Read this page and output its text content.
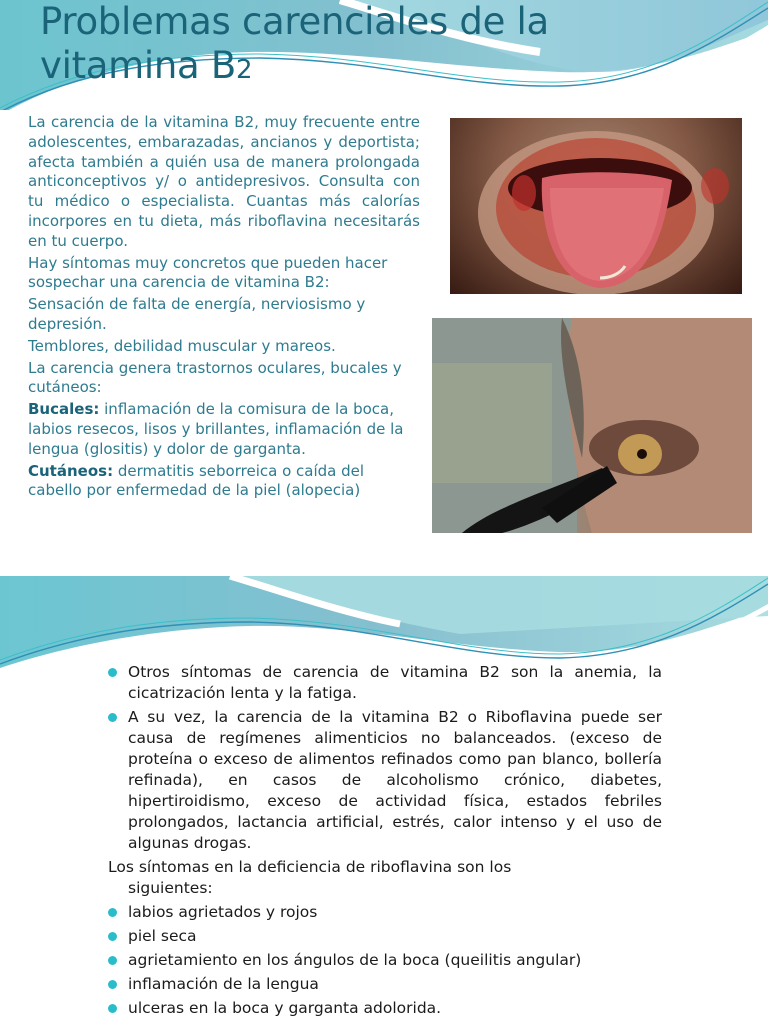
Problemas carenciales de la vitamina B2

La carencia de la vitamina B2, muy frecuente entre adolescentes, embarazadas, ancianos y deportista; afecta también a quién usa de manera prolongada anticonceptivos y/ o antidepresivos. Consulta con tu médico o especialista. Cuantas más calorías incorpores en tu dieta, más riboflavina necesitarás en tu cuerpo.

Hay síntomas muy concretos que pueden hacer sospechar una carencia de vitamina B2:

Sensación de falta de energía, nerviosismo y depresión.

Temblores, debilidad muscular y mareos.

La carencia genera trastornos oculares, bucales y cutáneos:

Bucales: inflamación de la comisura de la boca, labios resecos, lisos y brillantes, inflamación de la lengua (glositis) y dolor de garganta.

Cutáneos: dermatitis seborreica o caída del cabello por enfermedad de la piel (alopecia)

Otros síntomas de carencia de vitamina B2 son la anemia, la cicatrización lenta y la fatiga.
A su vez, la carencia de la vitamina B2 o Riboflavina puede ser causa de regímenes alimenticios no balanceados. (exceso de proteína o exceso de alimentos refinados como pan blanco, bollería refinada), en casos de alcoholismo crónico, diabetes, hipertiroidismo, exceso de actividad física, estados febriles prolongados, lactancia artificial, estrés, calor intenso y el uso de algunas drogas.
Los síntomas en la deficiencia de riboflavina son los
siguientes:
labios agrietados y rojos
piel seca
agrietamiento en los ángulos de la boca (queilitis angular)
inflamación de la lengua
ulceras en la boca y garganta adolorida.
